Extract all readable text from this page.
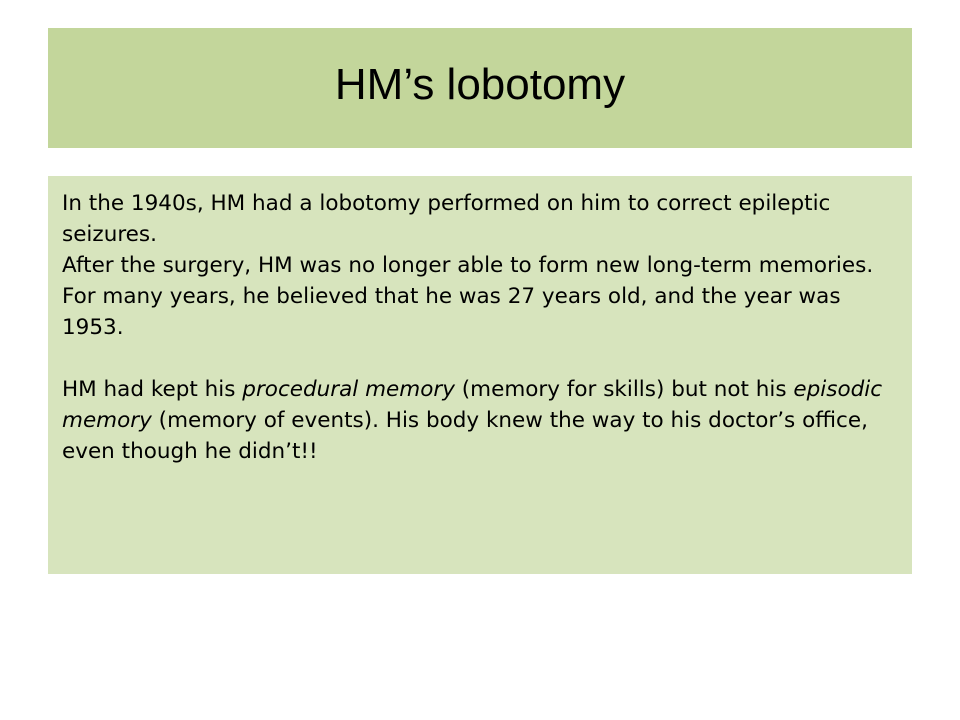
HM’s lobotomy

In the 1940s, HM had a lobotomy performed on him to correct epileptic seizures.

After the surgery, HM was no longer able to form new long-term memories. For many years, he believed that he was 27 years old, and the year was 1953.

HM had kept his procedural memory (memory for skills) but not his episodic memory (memory of events). His body knew the way to his doctor’s office, even though he didn’t!!
